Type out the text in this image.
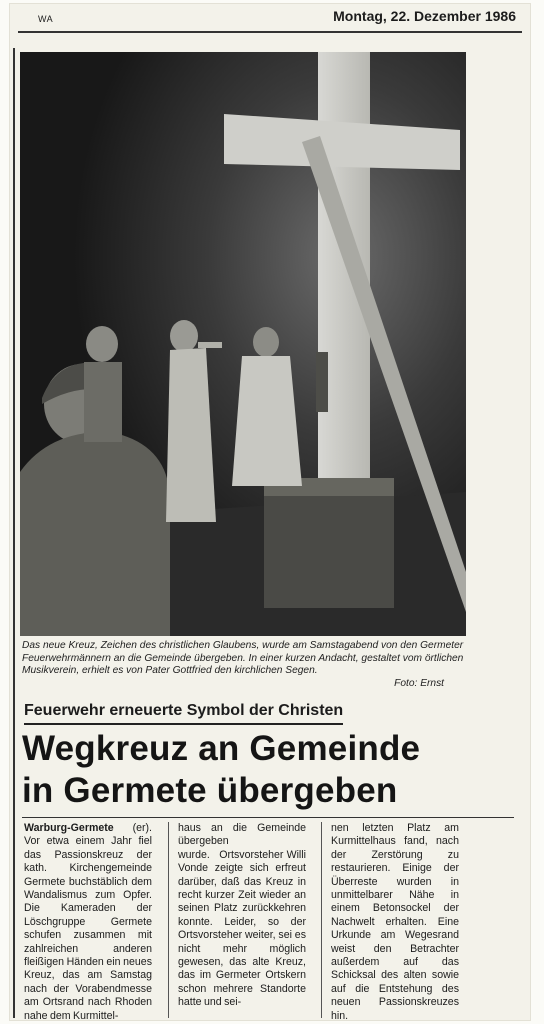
WA	Montag, 22. Dezember 1986
Das neue Kreuz, Zeichen des christlichen Glaubens, wurde am Samstagabend von den Germeter Feuerwehrmännern an die Gemeinde übergeben. In einer kurzen Andacht, gestaltet vom örtlichen Musikverein, erhielt es von Pater Gottfried den kirchlichen Segen.
Foto: Ernst
Feuerwehr erneuerte Symbol der Christen
Wegkreuz an Gemeinde
in Germete übergeben
Warburg-Germete (er). Vor etwa einem Jahr fiel das Passionskreuz der kath. Kirchengemeinde Germete buchstäblich dem Wandalismus zum Opfer. Die Kameraden der Löschgruppe Germete schufen zusammen mit zahlreichen anderen fleißigen Händen ein neues Kreuz, das am Samstag nach der Vorabendmesse am Ortsrand nach Rhoden nahe dem Kurmittel-
haus an die Gemeinde übergeben wurde.   Ortsvorsteher Willi Vonde zeigte sich erfreut darüber, daß das Kreuz in recht kurzer Zeit wieder an seinen Platz zurückkehren konnte. Leider, so der Ortsvorsteher weiter, sei es nicht mehr möglich gewesen, das alte Kreuz, das im Germeter Ortskern schon mehrere Standorte hatte und sei-
nen letzten Platz am Kurmittelhaus fand, nach der Zerstörung zu restaurieren. Einige der Überreste wurden in unmittelbarer Nähe in einem Betonsockel der Nachwelt erhalten. Eine Urkunde am Wegesrand weist den Betrachter außerdem auf das Schicksal des alten sowie auf die Entstehung des neuen Passionskreuzes hin.
